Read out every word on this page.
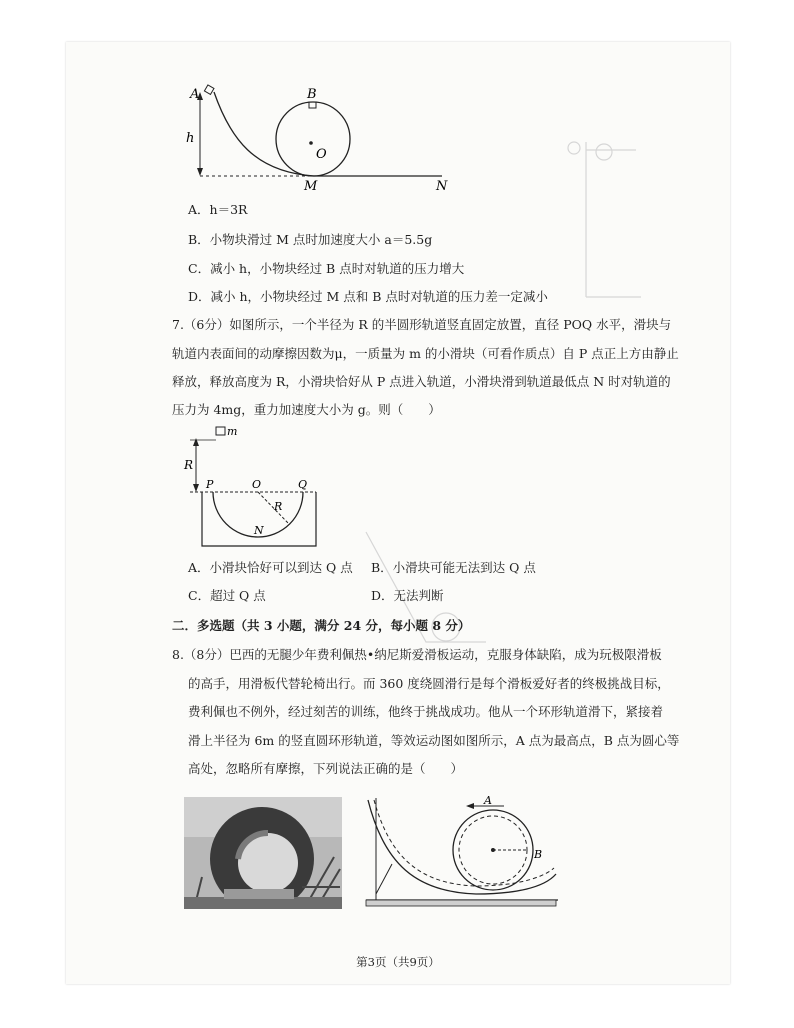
A
h
B
O
M	N
A．h＝3R
B．小物块滑过 M 点时加速度大小 a＝5.5g
C．减小 h，小物块经过 B 点时对轨道的压力增大
D．减小 h，小物块经过 M 点和 B 点时对轨道的压力差一定减小
7.（6分）如图所示，一个半径为 R 的半圆形轨道竖直固定放置，直径 POQ 水平，滑块与
轨道内表面间的动摩擦因数为μ，一质量为 m 的小滑块（可看作质点）自 P 点正上方由静止
释放，释放高度为 R，小滑块恰好从 P 点进入轨道，小滑块滑到轨道最低点 N 时对轨道的
压力为 4mg，重力加速度大小为 g。则（　　）
m
R
P	O	Q
R
N
A．小滑块恰好可以到达 Q 点 B．小滑块可能无法到达 Q 点
C．超过 Q 点	D．无法判断
二．多选题（共 3 小题，满分 24 分，每小题 8 分）
8.（8分）巴西的无腿少年费利佩热•纳尼斯爱滑板运动，克服身体缺陷，成为玩极限滑板
的高手，用滑板代替轮椅出行。而 360 度绕圆滑行是每个滑板爱好者的终极挑战目标，
费利佩也不例外，经过刻苦的训练，他终于挑战成功。他从一个环形轨道滑下，紧接着
滑上半径为 6m 的竖直圆环形轨道，等效运动图如图所示，A 点为最高点，B 点为圆心等
高处，忽略所有摩擦，下列说法正确的是（　　）
A
B
第3页（共9页）
